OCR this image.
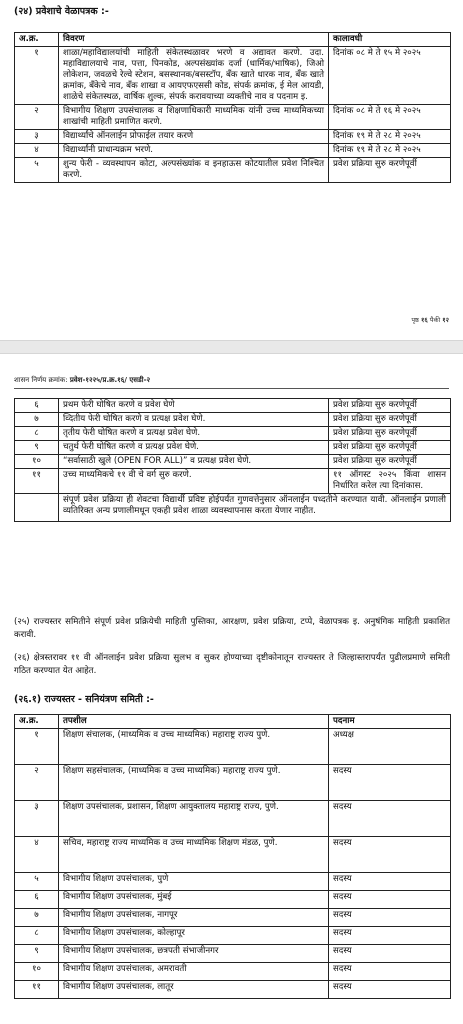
(२४) प्रवेशाचे वेळापत्रक :-
अ.क्र.	विवरण	कालावधी
१	शाळा/महाविद्यालयांची माहिती संकेतस्थळावर भरणे व अद्यावत करणे. उदा. महाविद्यालयाचे नाव, पत्ता, पिनकोड, अल्पसंख्यांक दर्जा (धार्मिक/भाषिक), जिओ लोकेशन, जवळचे रेल्वे स्टेशन, बसस्थानक/बसस्टॉप, बँक खाते धारक नाव, बँक खाते क्रमांक, बँकेचे नाव, बँक शाखा व आयएफएससी कोड, संपर्क क्रमांक, ई मेल आयडी, शाळेचे संकेतस्थळ, वार्षिक शुल्क, संपर्क करावयाच्या व्यक्तीचे नाव व पदनाम इ.	दिनांक ०८ मे ते १५ मे २०२५
२	विभागीय शिक्षण उपसंचालक व शिक्षणाधिकारी माध्यमिक यांनी उच्च माध्यमिकच्या शाखांची माहिती प्रमाणित करणे.	दिनांक ०८ मे ते १६ मे २०२५
३	विद्यार्थ्यांचे ऑनलाईन प्रोफाईल तयार करणे	दिनांक १९ मे ते २८ मे २०२५
४	विद्यार्थ्यांनी प्राधान्यक्रम भरणे.	दिनांक १९ मे ते २८ मे २०२५
५	शुन्य फेरी - व्यवस्थापन कोटा, अल्पसंख्यांक व इनहाऊस कोटयातील प्रवेश निश्चित करणे.	प्रवेश प्रक्रिया सुरु करणेपूर्वी
पृष्ठ १६ पैकी १२
शासन निर्णय क्रमांक: प्रवेश-१२२५/प्र.क्र.१६/ एसडी-२
६	प्रथम फेरी घोषित करणे व प्रवेश घेणे	प्रवेश प्रक्रिया सुरु करणेपूर्वी
७	व्दितीय फेरी घोषित करणे व प्रत्यक्ष प्रवेश घेणे.	प्रवेश प्रक्रिया सुरु करणेपूर्वी
८	तृतीय फेरी घोषित करणे व प्रत्यक्ष प्रवेश घेणे.	प्रवेश प्रक्रिया सुरु करणेपूर्वी
९	चतुर्थ फेरी घोषित करणे व प्रत्यक्ष प्रवेश घेणे.	प्रवेश प्रक्रिया सुरु करणेपूर्वी
१०	“सर्वासाठी खुले (OPEN FOR ALL)” व प्रत्यक्ष प्रवेश घेणे.	प्रवेश प्रक्रिया सुरु करणेपूर्वी
११	उच्च माध्यमिकचे ११ वी चे वर्ग सुरु करणे.	११ ऑगस्ट २०२५ किंवा शासन निर्धारित करेल त्या दिनांकास.
	संपूर्ण प्रवेश प्रक्रिया ही शेवटचा विद्यार्थी प्रविष्ट होईपर्यंत गुणवत्तेनुसार ऑनलाईन पध्दतीने करण्यात यावी. ऑनलाईन प्रणाली व्यतिरिक्त अन्य प्रणालीमधून एकही प्रवेश शाळा व्यवस्थापनास करता येणार नाहीत.	
(२५) राज्यस्तर समितीने संपूर्ण प्रवेश प्रक्रियेची माहिती पुस्तिका, आरक्षण, प्रवेश प्रक्रिया, टप्पे, वेळापत्रक इ. अनुषंगिक माहिती प्रकाशित करावी.
(२६) क्षेत्रस्तरावर ११ वी ऑनलाईन प्रवेश प्रक्रिया सुलभ व सुकर होण्याच्या दृष्टीकोनातून राज्यस्तर ते जिल्हास्तरापर्यंत पुढीलप्रमाणे समिती गठित करण्यात येत आहेत.
(२६.१) राज्यस्तर - सनियंत्रण समिती :-
अ.क्र.	तपशील	पदनाम
१	शिक्षण संचालक, (माध्यमिक व उच्च माध्यमिक) महाराष्ट्र राज्य पुणे.	अध्यक्ष
२	शिक्षण सहसंचालक, (माध्यमिक व उच्च माध्यमिक) महाराष्ट्र राज्य पुणे.	सदस्य
३	शिक्षण उपसंचालक, प्रशासन, शिक्षण आयुक्तालय महाराष्ट्र राज्य, पुणे.	सदस्य
४	सचिव, महाराष्ट्र राज्य माध्यमिक व उच्च माध्यमिक शिक्षण मंडळ, पुणे.	सदस्य
५	विभागीय शिक्षण उपसंचालक, पुणे	सदस्य
६	विभागीय शिक्षण उपसंचालक, मुंबई	सदस्य
७	विभागीय शिक्षण उपसंचालक, नागपूर	सदस्य
८	विभागीय शिक्षण उपसंचालक, कोल्हापूर	सदस्य
९	विभागीय शिक्षण उपसंचालक, छत्रपती संभाजीनगर	सदस्य
१०	विभागीय शिक्षण उपसंचालक, अमरावती	सदस्य
११	विभागीय शिक्षण उपसंचालक, लातूर	सदस्य
